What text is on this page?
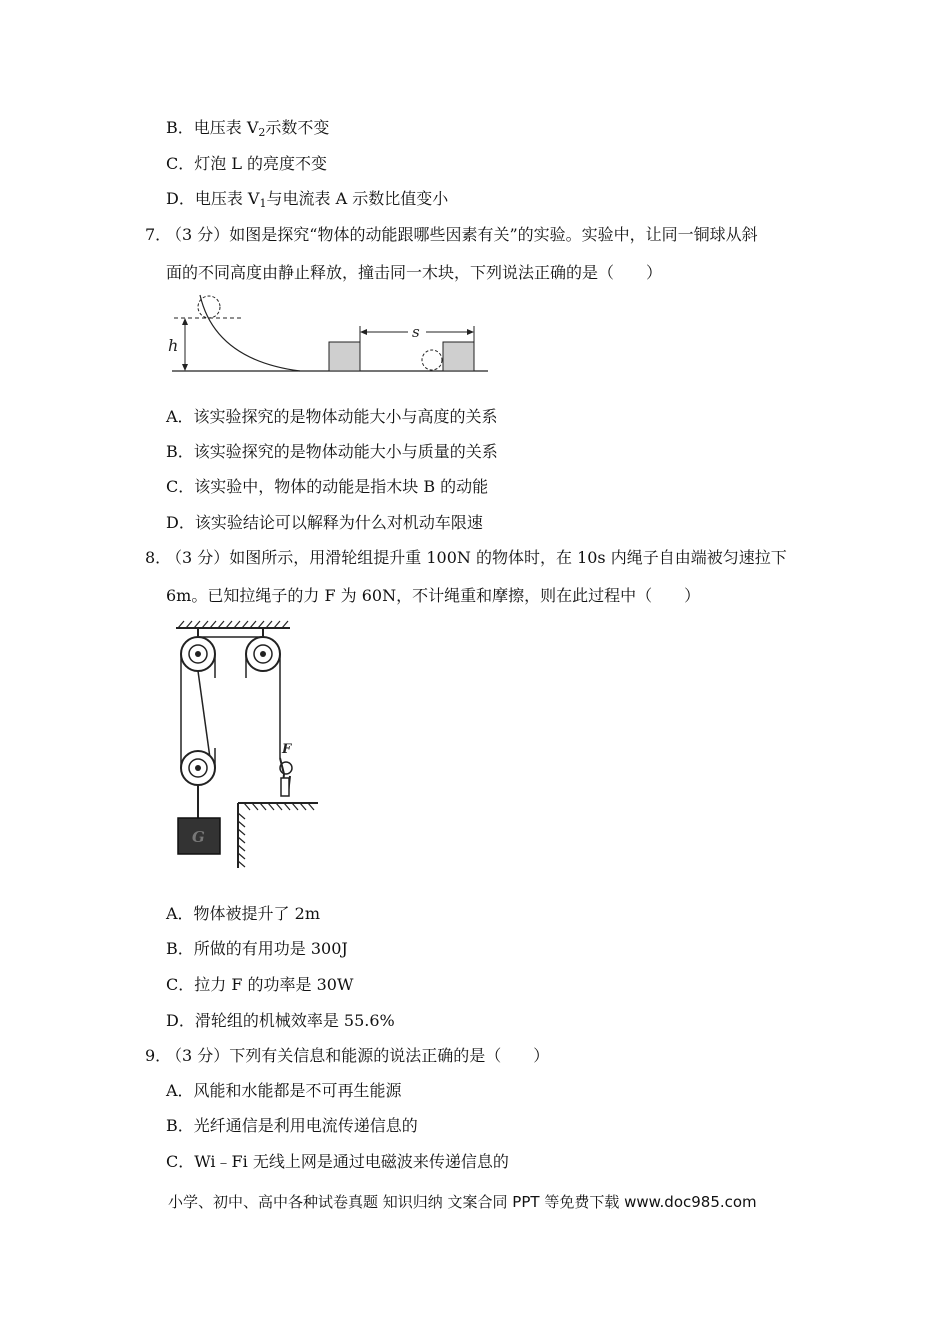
B．电压表 $V_2$示数不变
C．灯泡 L 的亮度不变
D．电压表 $V_1$与电流表 A 示数比值变小
7．
（3 分）如图是探究“物体的动能跟哪些因素有关”的实验。实验中，让同一铜球从斜
面的不同高度由静止释放，撞击同一木块，下列说法正确的是（　　）
h
s
A．该实验探究的是物体动能大小与高度的关系
B．该实验探究的是物体动能大小与质量的关系
C．该实验中，物体的动能是指木块 B 的动能
D．该实验结论可以解释为什么对机动车限速
8．
（3 分）如图所示，用滑轮组提升重 100N 的物体时，在 10s 内绳子自由端被匀速拉下
6m。已知拉绳子的力 F 为 60N，不计绳重和摩擦，则在此过程中（　　）
G
F
A．物体被提升了 2m
B．所做的有用功是 300J
C．拉力 F 的功率是 30W
D．滑轮组的机械效率是 55.6%
9．
（3 分）下列有关信息和能源的说法正确的是（　　）
A．风能和水能都是不可再生能源
B．光纤通信是利用电流传递信息的
C．Wi﹣Fi 无线上网是通过电磁波来传递信息的
小学、初中、高中各种试卷真题 知识归纳 文案合同 PPT 等免费下载 www.doc985.com
